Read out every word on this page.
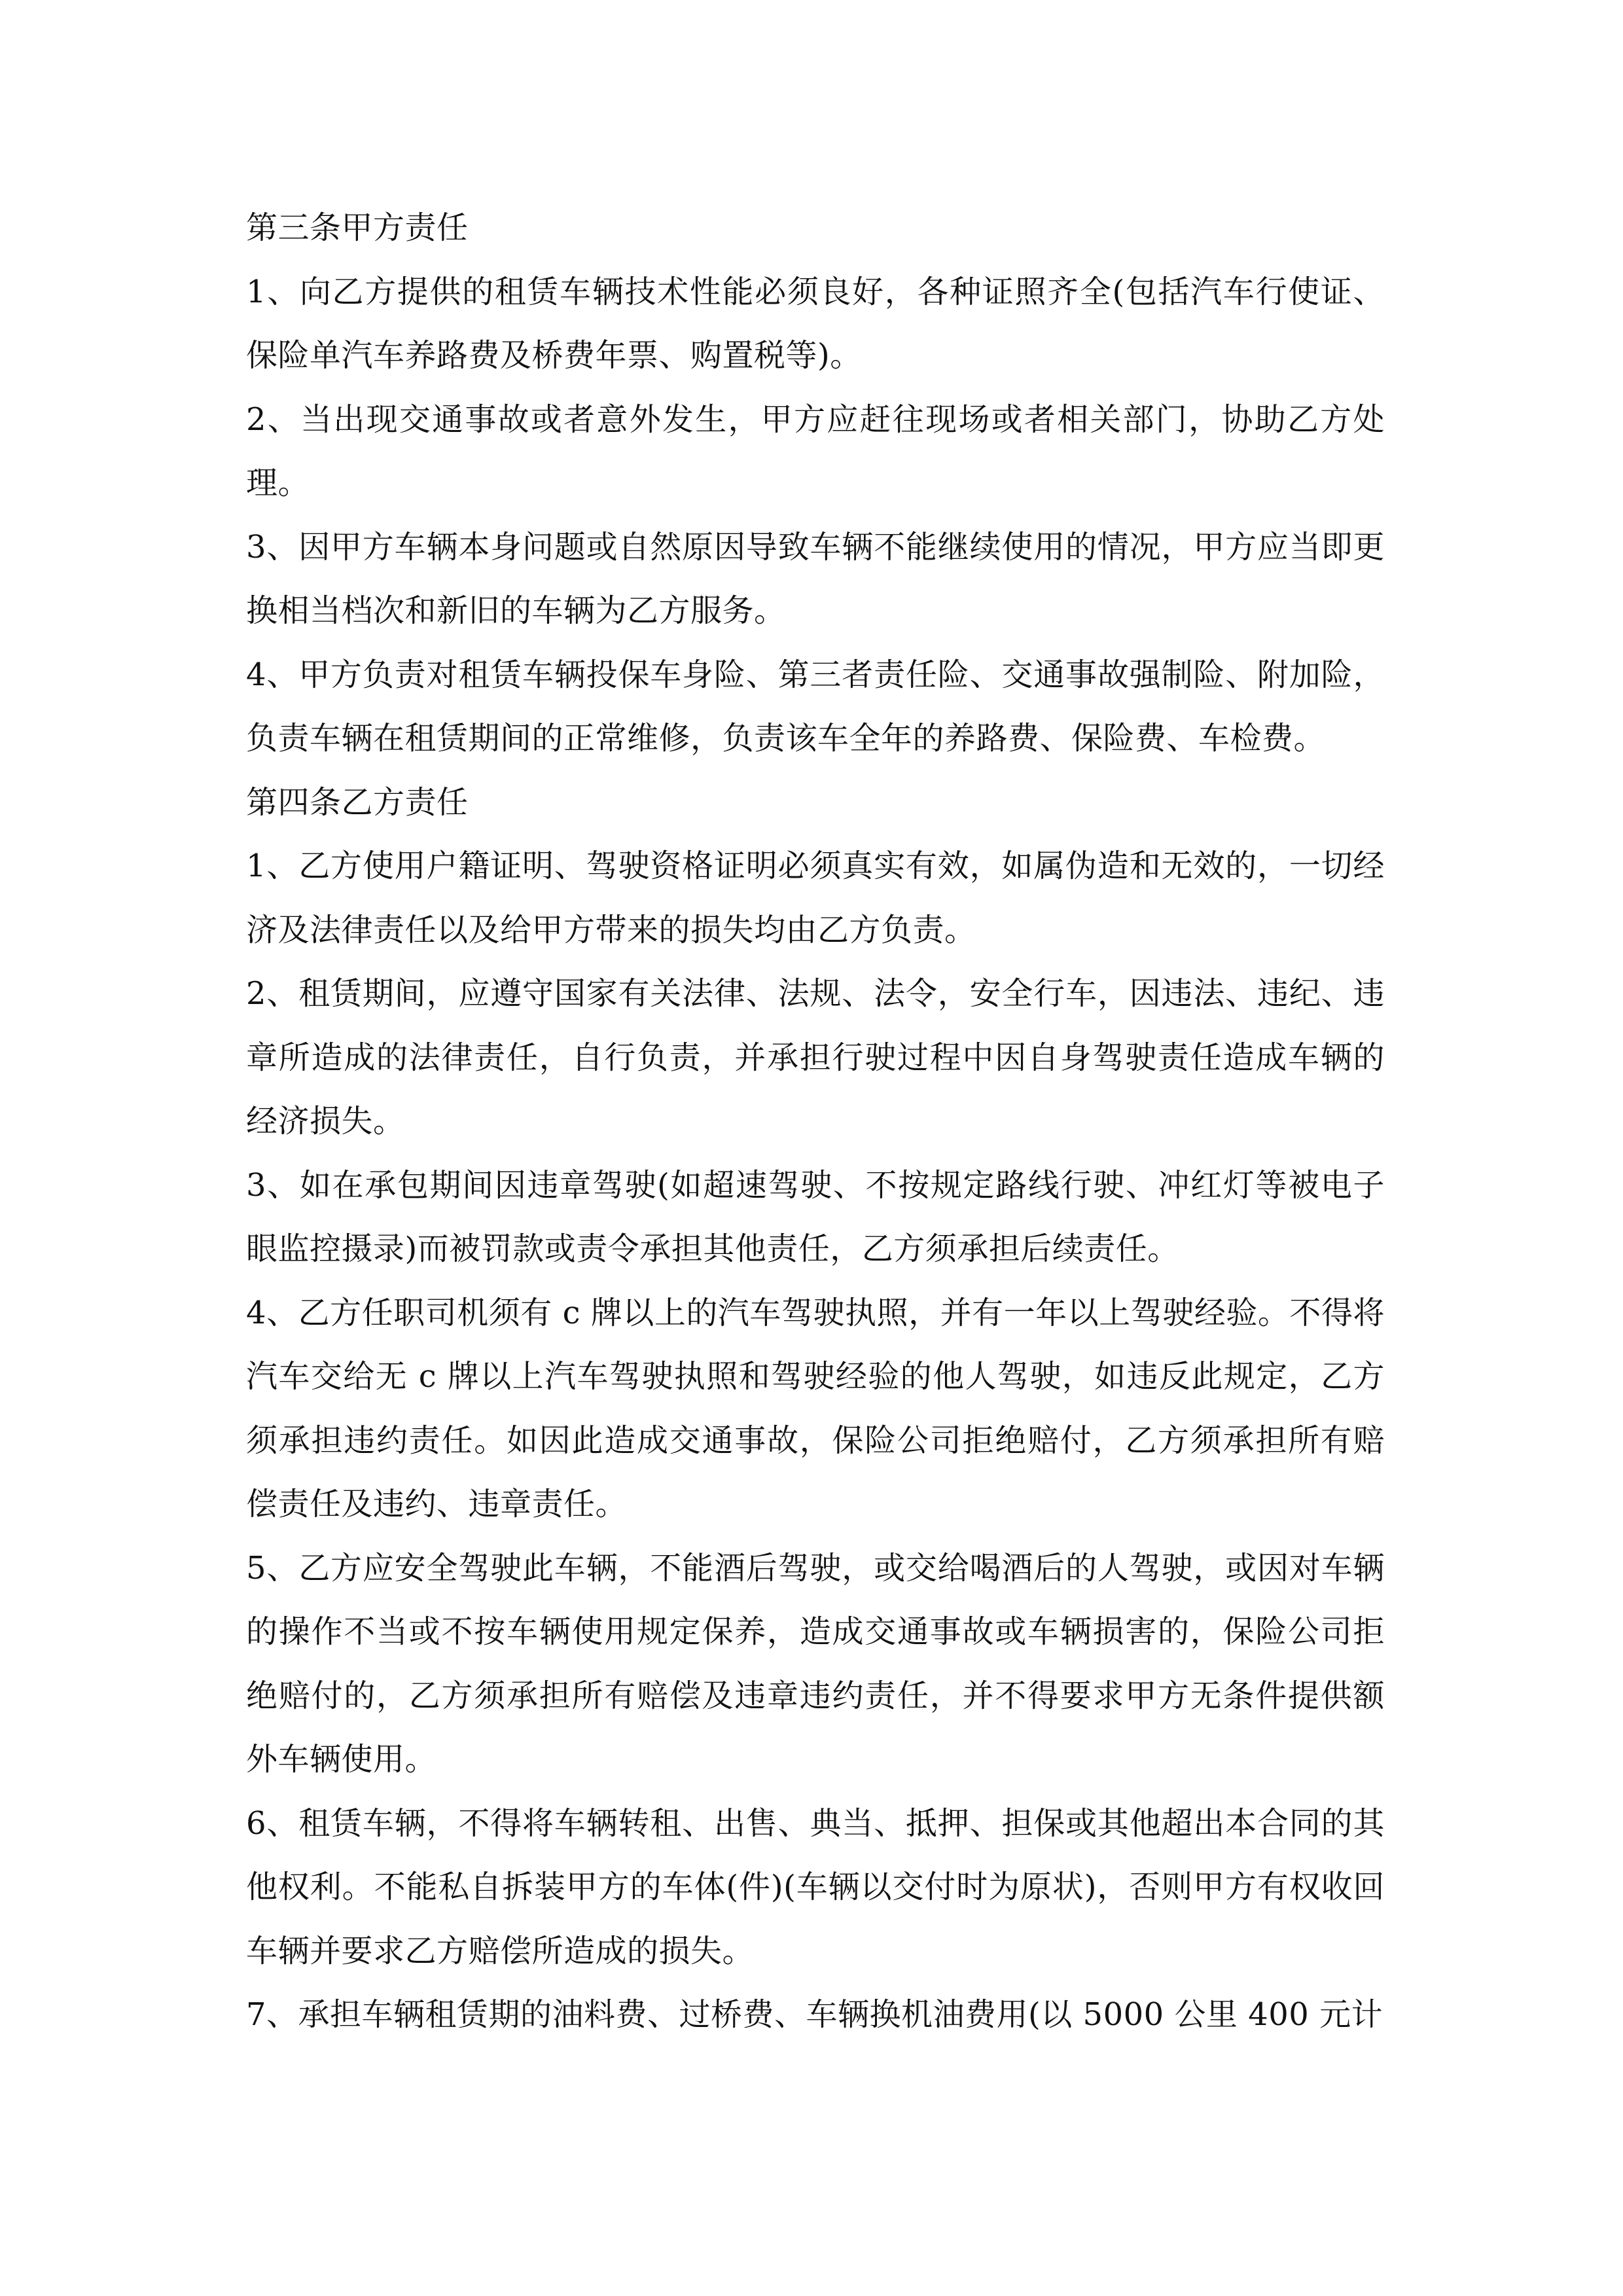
第三条甲方责任

1、向乙方提供的租赁车辆技术性能必须良好，各种证照齐全(包括汽车行使证、保险单汽车养路费及桥费年票、购置税等)。

2、当出现交通事故或者意外发生，甲方应赶往现场或者相关部门，协助乙方处理。

3、因甲方车辆本身问题或自然原因导致车辆不能继续使用的情况，甲方应当即更换相当档次和新旧的车辆为乙方服务。

4、甲方负责对租赁车辆投保车身险、第三者责任险、交通事故强制险、附加险，负责车辆在租赁期间的正常维修，负责该车全年的养路费、保险费、车检费。

第四条乙方责任

1、乙方使用户籍证明、驾驶资格证明必须真实有效，如属伪造和无效的，一切经济及法律责任以及给甲方带来的损失均由乙方负责。

2、租赁期间，应遵守国家有关法律、法规、法令，安全行车，因违法、违纪、违章所造成的法律责任，自行负责，并承担行驶过程中因自身驾驶责任造成车辆的经济损失。

3、如在承包期间因违章驾驶(如超速驾驶、不按规定路线行驶、冲红灯等被电子眼监控摄录)而被罚款或责令承担其他责任，乙方须承担后续责任。

4、乙方任职司机须有 c 牌以上的汽车驾驶执照，并有一年以上驾驶经验。不得将汽车交给无 c 牌以上汽车驾驶执照和驾驶经验的他人驾驶，如违反此规定，乙方须承担违约责任。如因此造成交通事故，保险公司拒绝赔付，乙方须承担所有赔偿责任及违约、违章责任。

5、乙方应安全驾驶此车辆，不能酒后驾驶，或交给喝酒后的人驾驶，或因对车辆的操作不当或不按车辆使用规定保养，造成交通事故或车辆损害的，保险公司拒绝赔付的，乙方须承担所有赔偿及违章违约责任，并不得要求甲方无条件提供额外车辆使用。

6、租赁车辆，不得将车辆转租、出售、典当、抵押、担保或其他超出本合同的其他权利。不能私自拆装甲方的车体(件)(车辆以交付时为原状)，否则甲方有权收回车辆并要求乙方赔偿所造成的损失。

7、承担车辆租赁期的油料费、过桥费、车辆换机油费用(以 5000 公里 400 元计
